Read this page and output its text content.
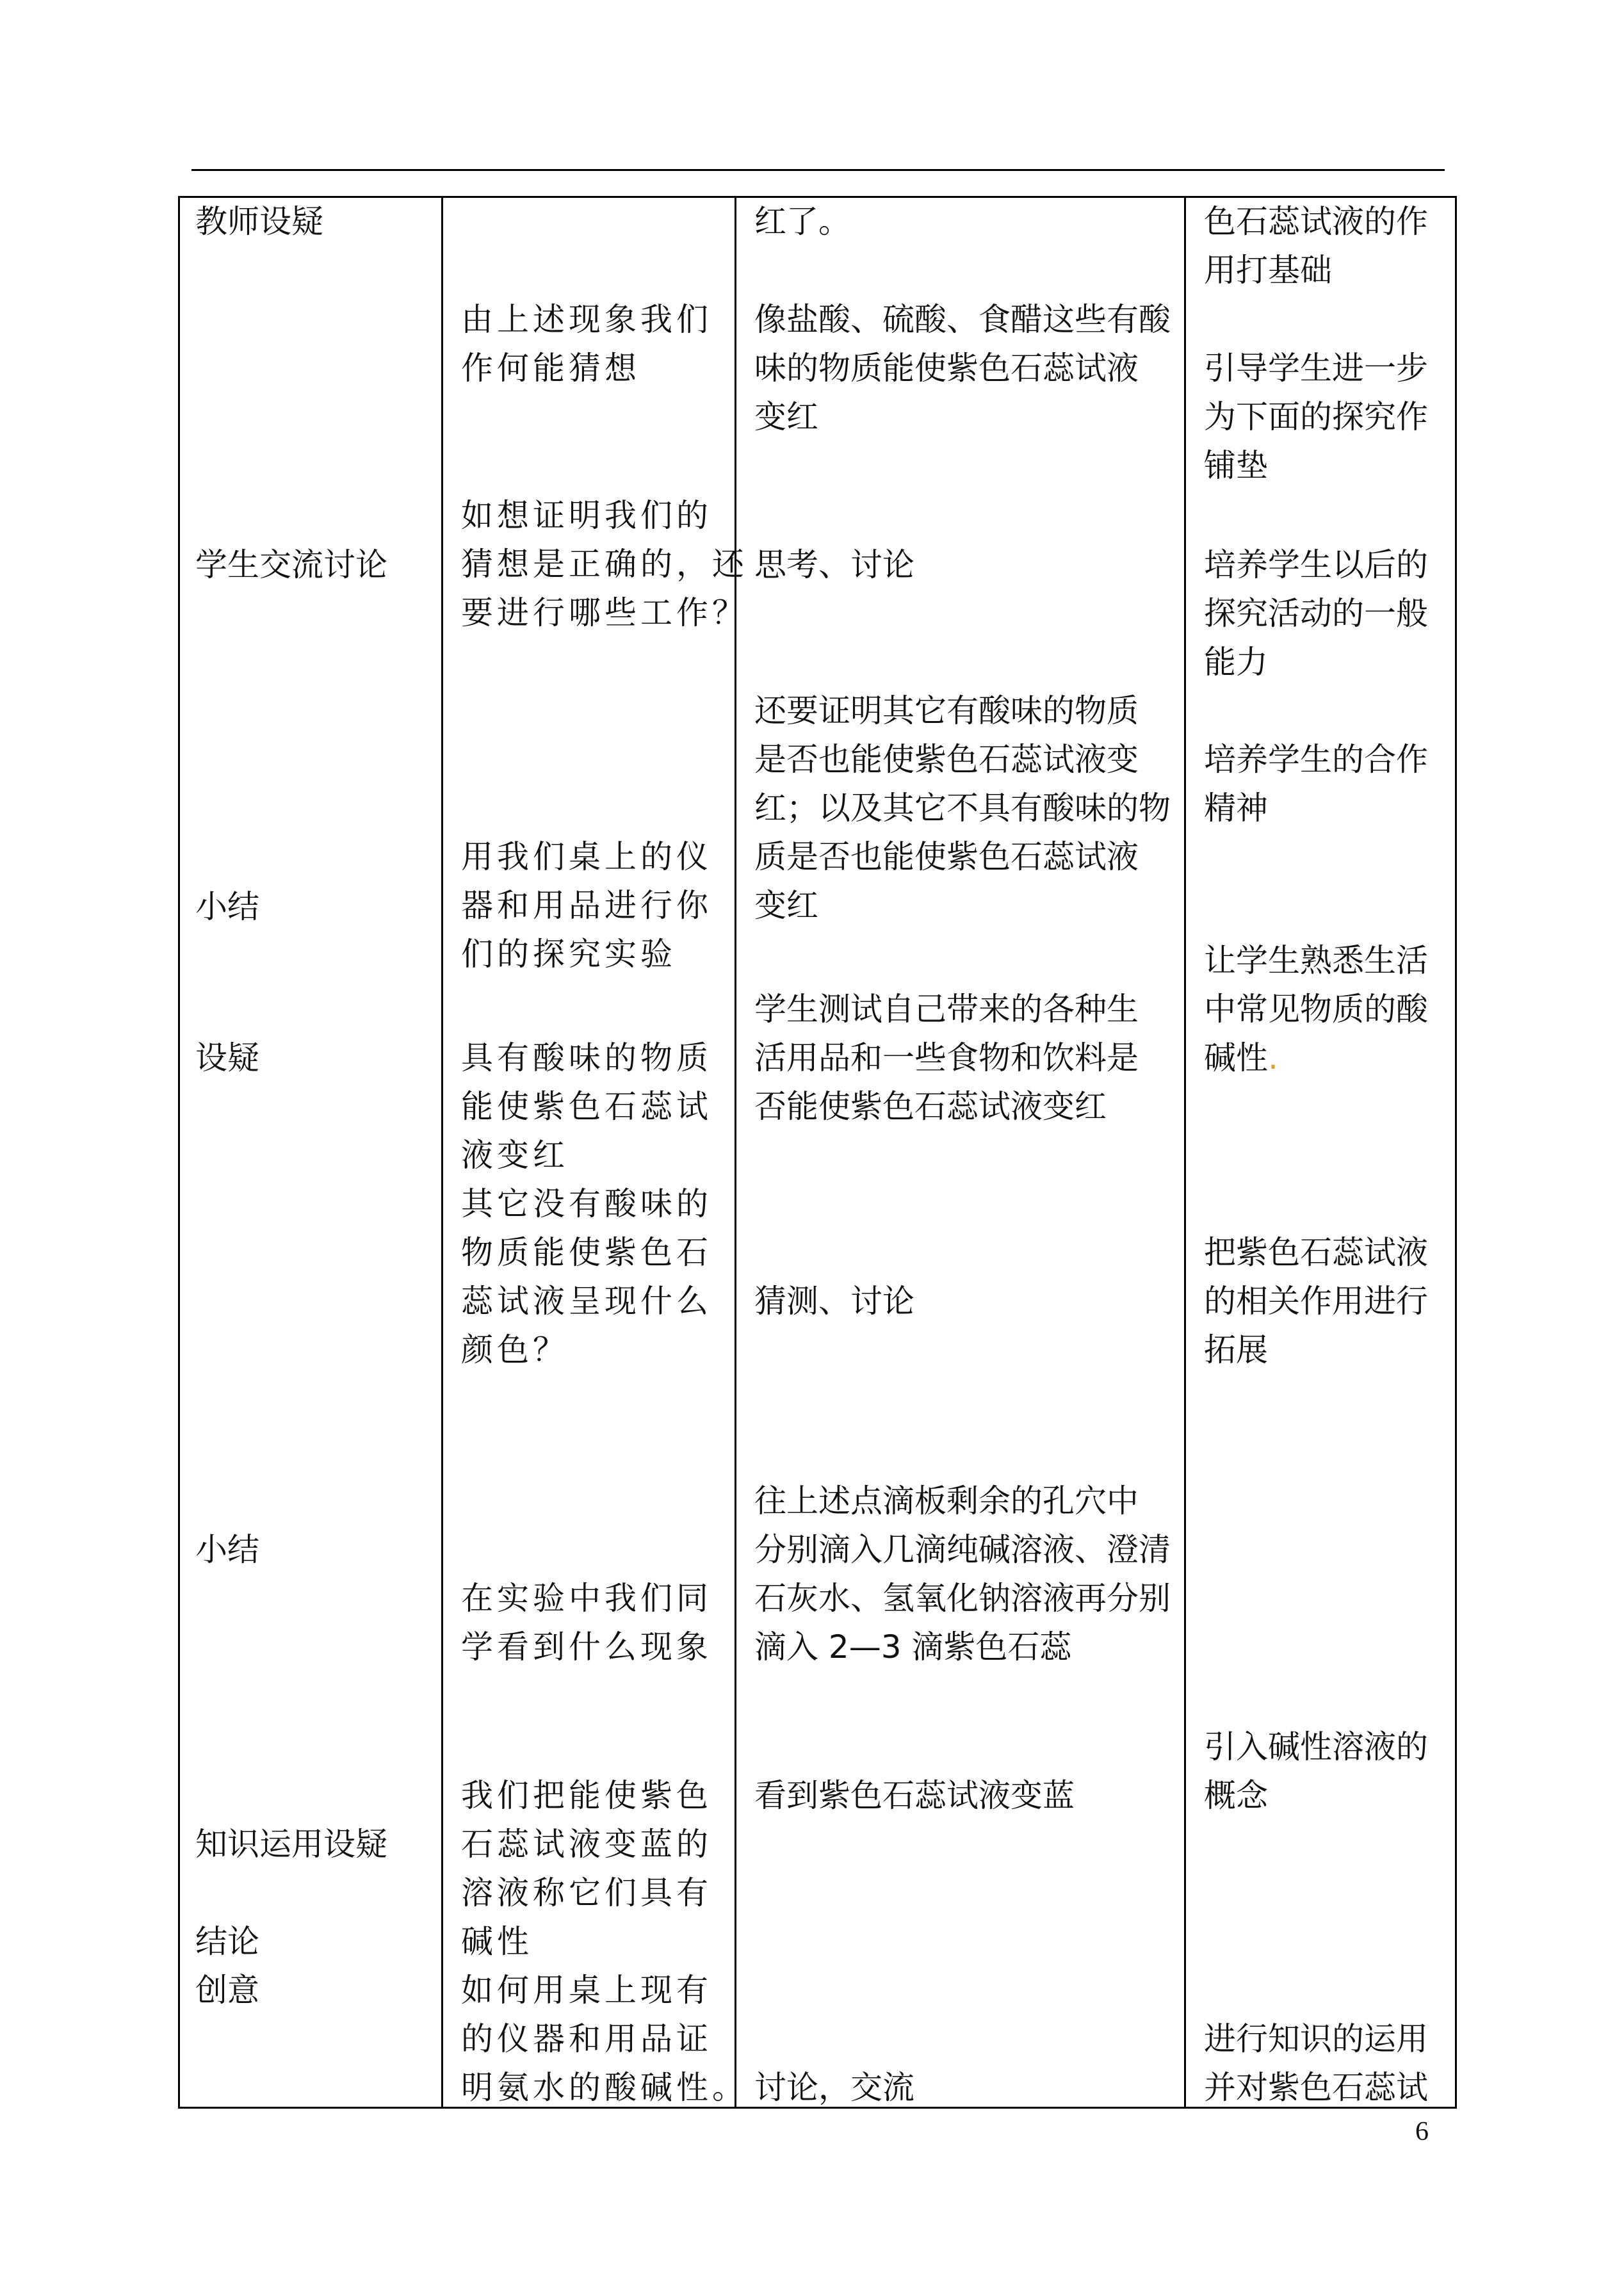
教师设疑
学生交流讨论
小结
设疑
小结
知识运用设疑
结论
创意
由上述现象我们
作何能猜想
如想证明我们的
猜想是正确的，还
要进行哪些工作？
用我们桌上的仪
器和用品进行你
们的探究实验
具有酸味的物质
能使紫色石蕊试
液变红
其它没有酸味的
物质能使紫色石
蕊试液呈现什么
颜色？
在实验中我们同
学看到什么现象
我们把能使紫色
石蕊试液变蓝的
溶液称它们具有
碱性
如何用桌上现有
的仪器和用品证
明氨水的酸碱性。
红了。
像盐酸、硫酸、食醋这些有酸
味的物质能使紫色石蕊试液
变红
思考、讨论
还要证明其它有酸味的物质
是否也能使紫色石蕊试液变
红；以及其它不具有酸味的物
质是否也能使紫色石蕊试液
变红
学生测试自己带来的各种生
活用品和一些食物和饮料是
否能使紫色石蕊试液变红
猜测、讨论
往上述点滴板剩余的孔穴中
分别滴入几滴纯碱溶液、澄清
石灰水、氢氧化钠溶液再分别
滴入 2—3 滴紫色石蕊
看到紫色石蕊试液变蓝
讨论，交流
色石蕊试液的作
用打基础
引导学生进一步
为下面的探究作
铺垫
培养学生以后的
探究活动的一般
能力
培养学生的合作
精神
让学生熟悉生活
中常见物质的酸
碱性.
把紫色石蕊试液
的相关作用进行
拓展
引入碱性溶液的
概念
进行知识的运用
并对紫色石蕊试
6
